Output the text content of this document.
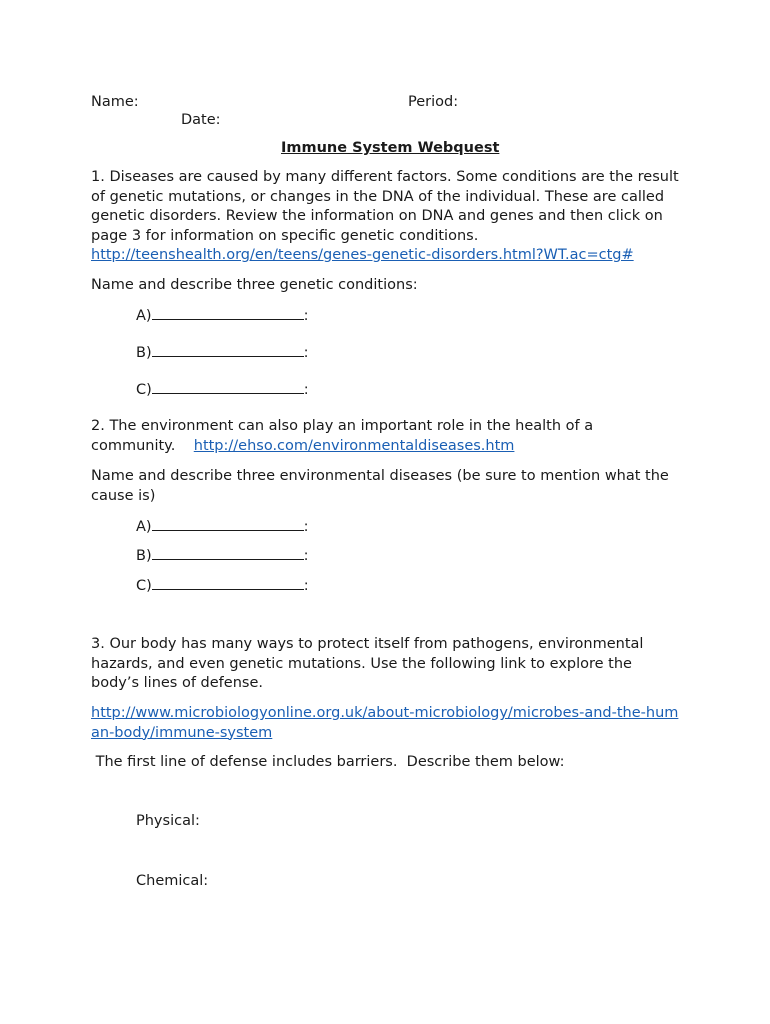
Name:	Period:
Date:
Immune System Webquest
1. Diseases are caused by many different factors. Some conditions are the result of genetic mutations, or changes in the DNA of the individual. These are called genetic disorders. Review the information on DNA and genes and then click on page 3 for information on specific genetic conditions. http://teenshealth.org/en/teens/genes-genetic-disorders.html?WT.ac=ctg#
Name and describe three genetic conditions:
A)	:
B)	:
C)	:
2. The environment can also play an important role in the health of a community. http://ehso.com/environmentaldiseases.htm
Name and describe three environmental diseases (be sure to mention what the cause is)
A)	:
B)	:
C)	:
3. Our body has many ways to protect itself from pathogens, environmental hazards, and even genetic mutations. Use the following link to explore the body’s lines of defense.
http://www.microbiologyonline.org.uk/about-microbiology/microbes-and-the-human-body/immune-system
The first line of defense includes barriers.  Describe them below:
Physical:
Chemical:
